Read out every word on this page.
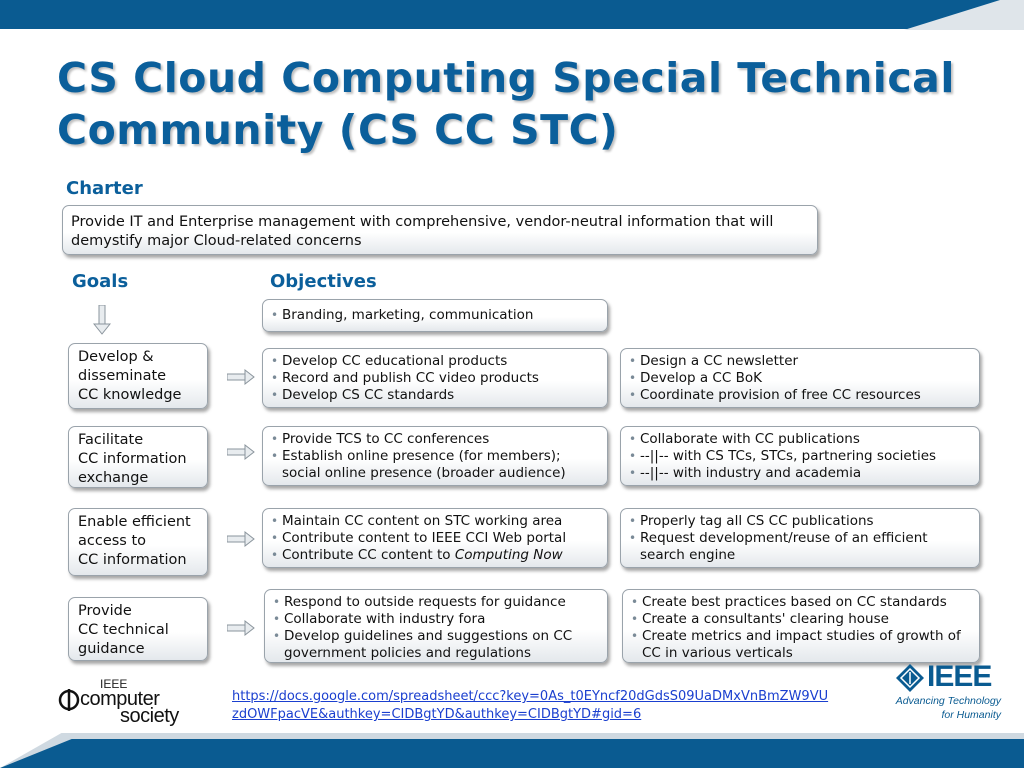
CS Cloud Computing Special Technical Community (CS CC STC)
Charter
Provide IT and Enterprise management with comprehensive, vendor-neutral information that will demystify major Cloud-related concerns
Goals	Objectives
• Branding, marketing, communication
Develop &
disseminate
CC knowledge
• Develop CC educational products
• Record and publish CC video products
• Develop CS CC standards
• Design a CC newsletter
• Develop a CC BoK
• Coordinate provision of free CC resources
Facilitate
CC information
exchange
• Provide TCS to CC conferences
• Establish online presence (for members); social online presence (broader audience)
• Collaborate with CC publications
• --||-- with CS TCs, STCs, partnering societies
• --||-- with industry and academia
Enable efficient
access to
CC information
• Maintain CC content on STC working area
• Contribute content to IEEE CCI Web portal
• Contribute CC content to Computing Now
• Properly tag all CS CC publications
• Request development/reuse of an efficient search engine
Provide
CC technical
guidance
• Respond to outside requests for guidance
• Collaborate with industry fora
• Develop guidelines and suggestions on CC government policies and regulations
• Create best practices based on CC standards
• Create a consultants' clearing house
• Create metrics and impact studies of growth of CC in various verticals
IEEE
computer
society
https://docs.google.com/spreadsheet/ccc?key=0As_t0EYncf20dGdsS09UaDMxVnBmZW9VUzdOWFpacVE&authkey=CIDBgtYD&authkey=CIDBgtYD#gid=6
IEEE
Advancing Technology
for Humanity
